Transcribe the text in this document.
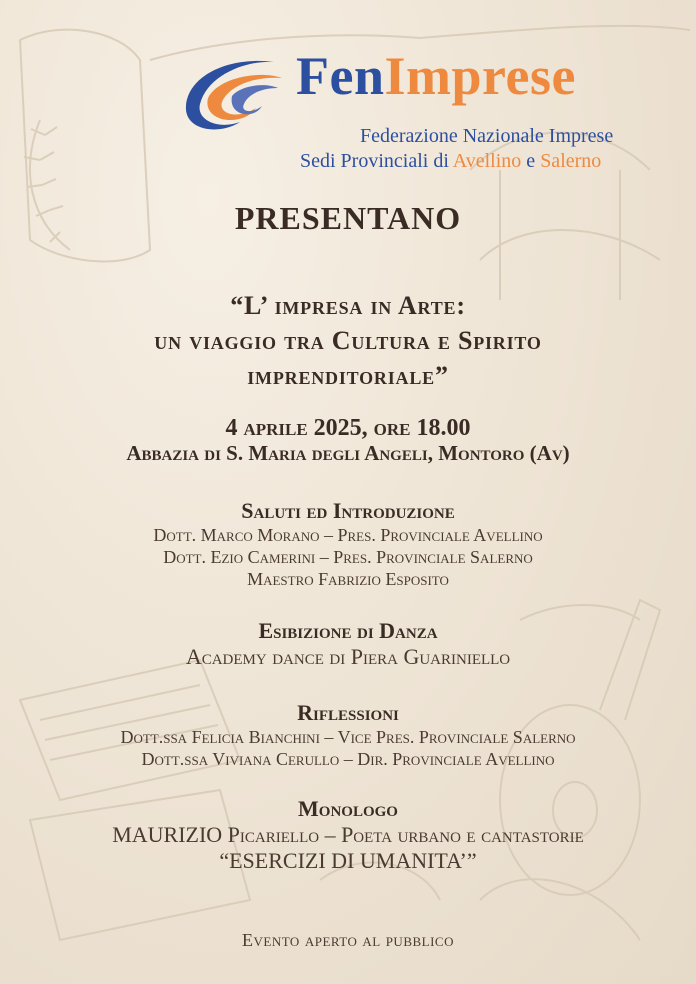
FenImprese

Federazione Nazionale Imprese

Sedi Provinciali di Avellino e Salerno

PRESENTANO
“L’ impresa in Arte:
un viaggio tra Cultura e Spirito
imprenditoriale”

4 aprile 2025, ore 18.00

Abbazia di S. Maria degli Angeli, Montoro (Av)

Saluti ed Introduzione

Dott. Marco Morano – Pres. Provinciale Avellino

Dott. Ezio Camerini – Pres. Provinciale Salerno

Maestro Fabrizio Esposito

Esibizione di Danza

Academy dance di Piera Guariniello

Riflessioni

Dott.ssa Felicia Bianchini – Vice Pres. Provinciale Salerno

Dott.ssa Viviana Cerullo – Dir. Provinciale Avellino

Monologo

MAURIZIO Picariello – Poeta urbano e cantastorie

“ESERCIZI DI UMANITA’”

Evento aperto al pubblico
